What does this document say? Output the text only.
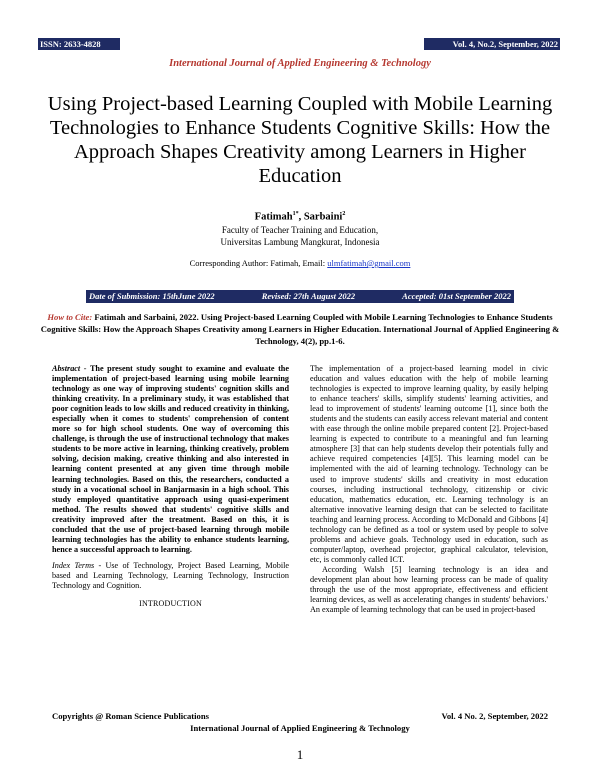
ISSN: 2633-4828	Vol. 4, No.2, September, 2022
International Journal of Applied Engineering & Technology
Using Project-based Learning Coupled with Mobile Learning Technologies to Enhance Students Cognitive Skills: How the Approach Shapes Creativity among Learners in Higher Education
Fatimah$^{1*}$, Sarbaini$^2$
Faculty of Teacher Training and Education,
Universitas Lambung Mangkurat, Indonesia
Corresponding Author: Fatimah, Email: ulmfatimah@gmail.com
Date of Submission: 15thJune 2022	Revised: 27th August 2022	Accepted: 01st September 2022
How to Cite: Fatimah and Sarbaini, 2022. Using Project-based Learning Coupled with Mobile Learning Technologies to Enhance Students Cognitive Skills: How the Approach Shapes Creativity among Learners in Higher Education. International Journal of Applied Engineering & Technology, 4(2), pp.1-6.

Abstract - The present study sought to examine and evaluate the implementation of project-based learning using mobile learning technology as one way of improving students' cognition skills and thinking creativity. In a preliminary study, it was established that poor cognition leads to low skills and reduced creativity in thinking, especially when it comes to students' comprehension of content more so for high school students. One way of overcoming this challenge, is through the use of instructional technology that makes students to be more active in learning, thinking creatively, problem solving, decision making, creative thinking and also interested in learning content presented at any given time through mobile learning technologies. Based on this, the researchers, conducted a study in a vocational school in Banjarmasin in a high school. This study employed quantitative approach using quasi-experiment method. The results showed that students' cognitive skills and creativity improved after the treatment. Based on this, it is concluded that the use of project-based learning through mobile learning technologies has the ability to enhance students learning, hence a successful approach to learning.

Index Terms - Use of Technology, Project Based Learning, Mobile based and Learning Technology, Learning Technology, Instruction Technology and Cognition.

INTRODUCTION

The implementation of a project-based learning model in civic education and values education with the help of mobile learning technologies is expected to improve learning quality, by easily helping to enhance teachers' skills, simplify students' learning activities, and lead to improvement of students' learning outcome [1], since both the students and the students can easily access relevant material and content with ease through the online mobile prepared content [2]. Project-based learning is expected to contribute to a meaningful and fun learning atmosphere [3] that can help students develop their potentials fully and achieve required competencies [4][5]. This learning model can be implemented with the aid of learning technology. Technology can be used to improve students' skills and creativity in most education courses, including instructional technology, citizenship or civic education, mathematics education, etc. Learning technology is an alternative innovative learning design that can be selected to facilitate teaching and learning process. According to McDonald and Gibbons [4] technology can be defined as a tool or system used by people to solve problems and achieve goals. Technology used in education, such as computer/laptop, overhead projector, graphical calculator, television, etc, is commonly called ICT.

According Walsh [5] learning technology is an idea and development plan about how learning process can be made of quality through the use of the most appropriate, effectiveness and efficient learning devices, as well as accelerating changes in students' behaviors.' An example of learning technology that can be used in project-based

Copyrights @ Roman Science Publications	Vol. 4 No. 2, September, 2022
International Journal of Applied Engineering & Technology
1
